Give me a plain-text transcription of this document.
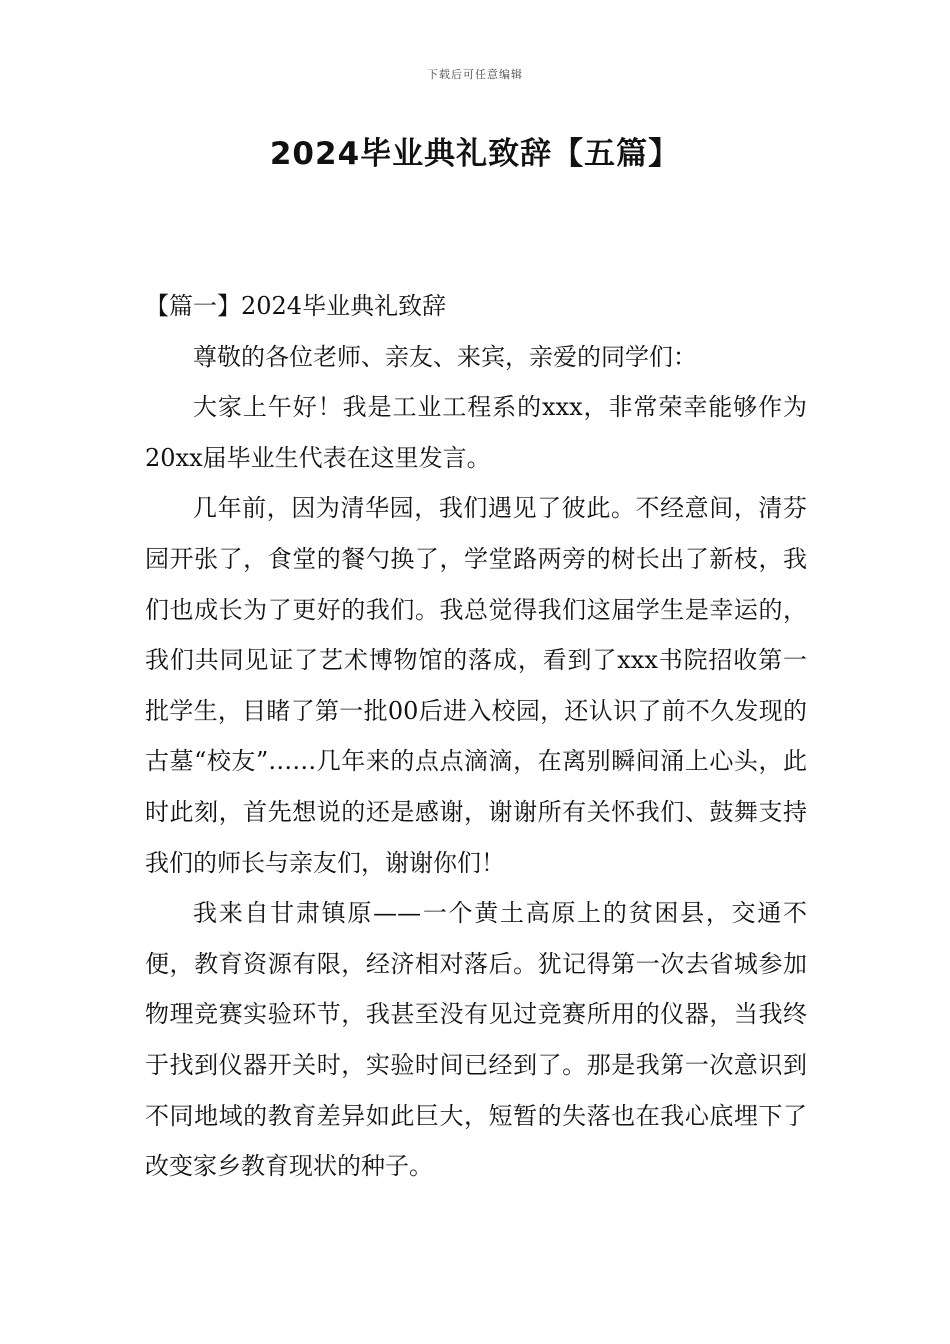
下载后可任意编辑
2024毕业典礼致辞【五篇】

【篇一】2024毕业典礼致辞

尊敬的各位老师、亲友、来宾，亲爱的同学们：

大家上午好！我是工业工程系的xxx，非常荣幸能够作为20xx届毕业生代表在这里发言。

几年前，因为清华园，我们遇见了彼此。不经意间，清芬园开张了，食堂的餐勺换了，学堂路两旁的树长出了新枝，我们也成长为了更好的我们。我总觉得我们这届学生是幸运的，我们共同见证了艺术博物馆的落成，看到了xxx书院招收第一批学生，目睹了第一批00后进入校园，还认识了前不久发现的古墓“校友”……几年来的点点滴滴，在离别瞬间涌上心头，此时此刻，首先想说的还是感谢，谢谢所有关怀我们、鼓舞支持我们的师长与亲友们，谢谢你们！

我来自甘肃镇原——一个黄土高原上的贫困县，交通不便，教育资源有限，经济相对落后。犹记得第一次去省城参加物理竞赛实验环节，我甚至没有见过竞赛所用的仪器，当我终于找到仪器开关时，实验时间已经到了。那是我第一次意识到不同地域的教育差异如此巨大，短暂的失落也在我心底埋下了改变家乡教育现状的种子。
